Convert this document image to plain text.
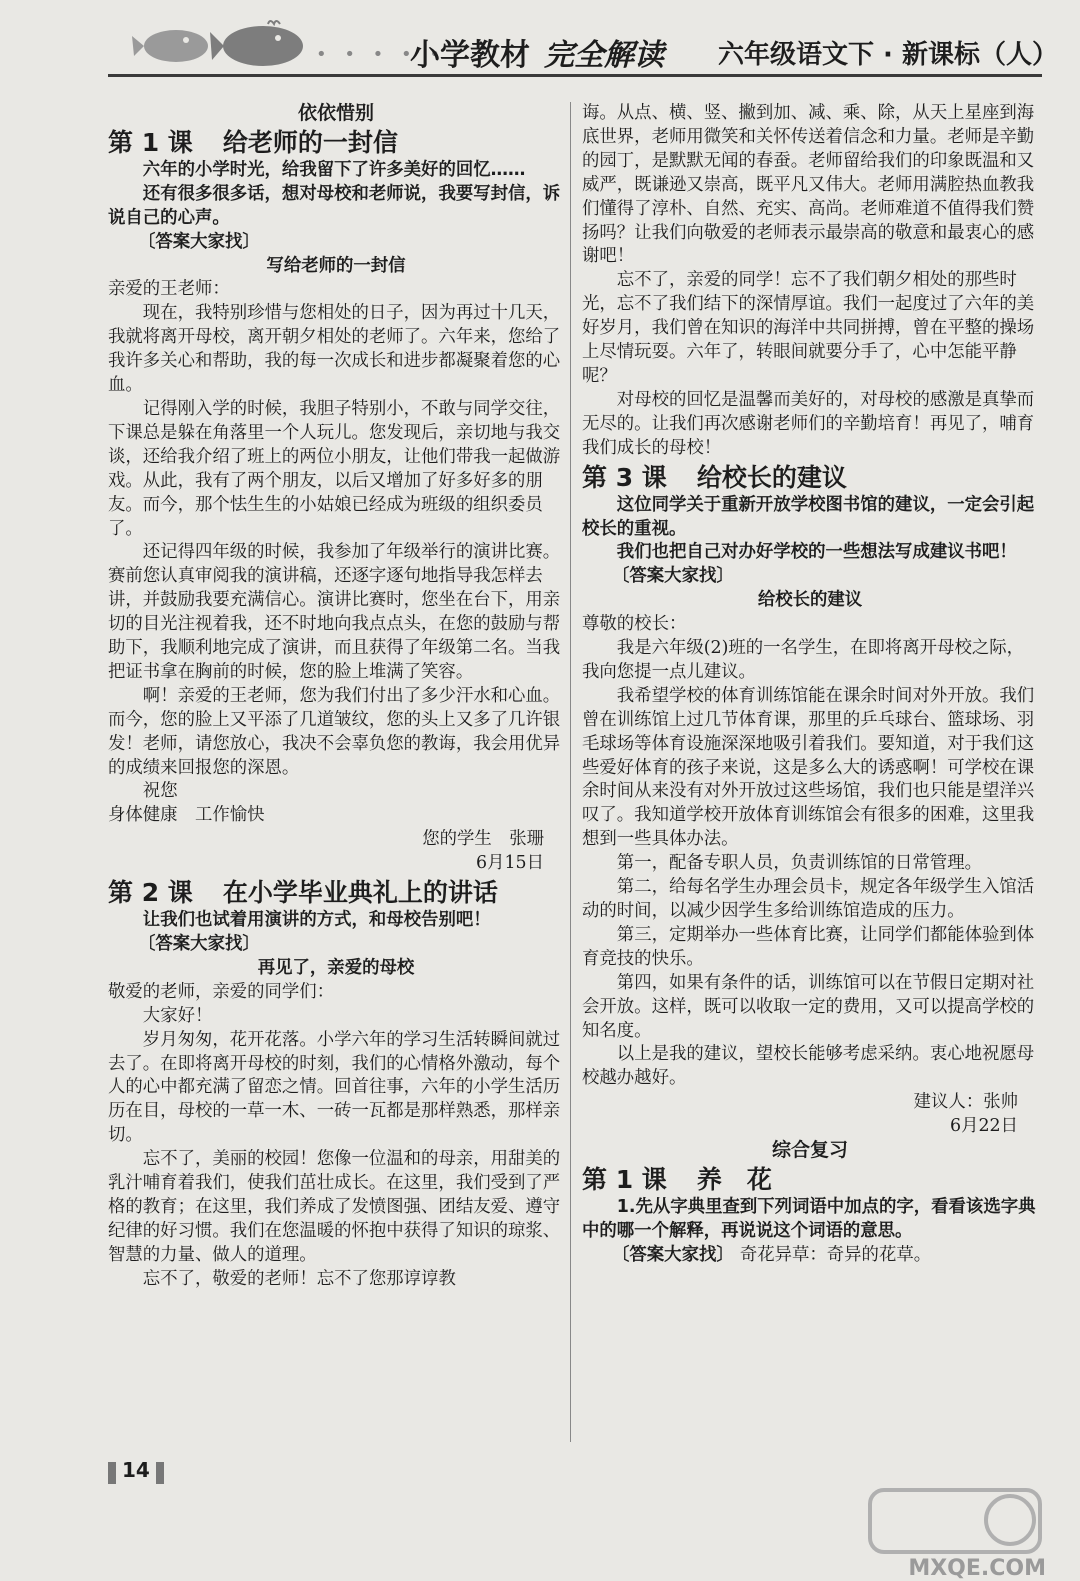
• • • • •
小学教材 完全解读 六年级语文下 · 新课标（人）

依依惜别

第 1 课 给老师的一封信

六年的小学时光，给我留下了许多美好的回忆……

还有很多很多话，想对母校和老师说，我要写封信，诉说自己的心声。

〔答案大家找〕

写给老师的一封信

亲爱的王老师：

现在，我特别珍惜与您相处的日子，因为再过十几天，我就将离开母校，离开朝夕相处的老师了。六年来，您给了我许多关心和帮助，我的每一次成长和进步都凝聚着您的心血。

记得刚入学的时候，我胆子特别小，不敢与同学交往，下课总是躲在角落里一个人玩儿。您发现后，亲切地与我交谈，还给我介绍了班上的两位小朋友，让他们带我一起做游戏。从此，我有了两个朋友，以后又增加了好多好多的朋友。而今，那个怯生生的小姑娘已经成为班级的组织委员了。

还记得四年级的时候，我参加了年级举行的演讲比赛。赛前您认真审阅我的演讲稿，还逐字逐句地指导我怎样去讲，并鼓励我要充满信心。演讲比赛时，您坐在台下，用亲切的目光注视着我，还不时地向我点点头，在您的鼓励与帮助下，我顺利地完成了演讲，而且获得了年级第二名。当我把证书拿在胸前的时候，您的脸上堆满了笑容。

啊！亲爱的王老师，您为我们付出了多少汗水和心血。而今，您的脸上又平添了几道皱纹，您的头上又多了几许银发！老师，请您放心，我决不会辜负您的教诲，我会用优异的成绩来回报您的深恩。

祝您

身体健康　工作愉快

您的学生　张珊

6月15日

第 2 课 在小学毕业典礼上的讲话

让我们也试着用演讲的方式，和母校告别吧！

〔答案大家找〕

再见了，亲爱的母校

敬爱的老师，亲爱的同学们：

大家好！

岁月匆匆，花开花落。小学六年的学习生活转瞬间就过去了。在即将离开母校的时刻，我们的心情格外激动，每个人的心中都充满了留恋之情。回首往事，六年的小学生活历历在目，母校的一草一木、一砖一瓦都是那样熟悉，那样亲切。

忘不了，美丽的校园！您像一位温和的母亲，用甜美的乳汁哺育着我们，使我们茁壮成长。在这里，我们受到了严格的教育；在这里，我们养成了发愤图强、团结友爱、遵守纪律的好习惯。我们在您温暖的怀抱中获得了知识的琼浆、智慧的力量、做人的道理。

忘不了，敬爱的老师！忘不了您那谆谆教

诲。从点、横、竖、撇到加、减、乘、除，从天上星座到海底世界，老师用微笑和关怀传送着信念和力量。老师是辛勤的园丁，是默默无闻的春蚕。老师留给我们的印象既温和又威严，既谦逊又崇高，既平凡又伟大。老师用满腔热血教我们懂得了淳朴、自然、充实、高尚。老师难道不值得我们赞扬吗？让我们向敬爱的老师表示最崇高的敬意和最衷心的感谢吧！

忘不了，亲爱的同学！忘不了我们朝夕相处的那些时光，忘不了我们结下的深情厚谊。我们一起度过了六年的美好岁月，我们曾在知识的海洋中共同拼搏，曾在平整的操场上尽情玩耍。六年了，转眼间就要分手了，心中怎能平静呢？

对母校的回忆是温馨而美好的，对母校的感激是真挚而无尽的。让我们再次感谢老师们的辛勤培育！再见了，哺育我们成长的母校！

第 3 课 给校长的建议

这位同学关于重新开放学校图书馆的建议，一定会引起校长的重视。

我们也把自己对办好学校的一些想法写成建议书吧！

〔答案大家找〕

给校长的建议

尊敬的校长：

我是六年级(2)班的一名学生，在即将离开母校之际，我向您提一点儿建议。

我希望学校的体育训练馆能在课余时间对外开放。我们曾在训练馆上过几节体育课，那里的乒乓球台、篮球场、羽毛球场等体育设施深深地吸引着我们。要知道，对于我们这些爱好体育的孩子来说，这是多么大的诱惑啊！可学校在课余时间从来没有对外开放过这些场馆，我们也只能是望洋兴叹了。我知道学校开放体育训练馆会有很多的困难，这里我想到一些具体办法。

第一，配备专职人员，负责训练馆的日常管理。

第二，给每名学生办理会员卡，规定各年级学生入馆活动的时间，以减少因学生多给训练馆造成的压力。

第三，定期举办一些体育比赛，让同学们都能体验到体育竞技的快乐。

第四，如果有条件的话，训练馆可以在节假日定期对社会开放。这样，既可以收取一定的费用，又可以提高学校的知名度。

以上是我的建议，望校长能够考虑采纳。衷心地祝愿母校越办越好。

建议人：张帅

6月22日

综合复习

第 1 课 养　花

1.先从字典里查到下列词语中加点的字，看看该选字典中的哪一个解释，再说说这个词语的意思。

〔答案大家找〕 奇花异草：奇异的花草。

14
MXQE.COM
